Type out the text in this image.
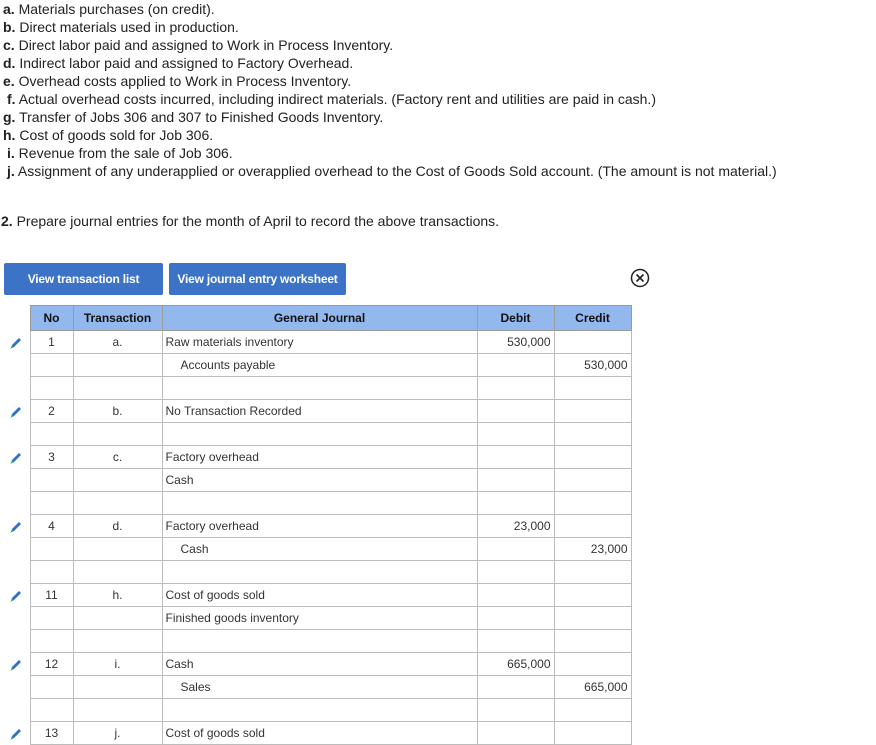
a. Materials purchases (on credit).
b. Direct materials used in production.
c. Direct labor paid and assigned to Work in Process Inventory.
d. Indirect labor paid and assigned to Factory Overhead.
e. Overhead costs applied to Work in Process Inventory.
f. Actual overhead costs incurred, including indirect materials. (Factory rent and utilities are paid in cash.)
g. Transfer of Jobs 306 and 307 to Finished Goods Inventory.
h. Cost of goods sold for Job 306.
i. Revenue from the sale of Job 306.
j. Assignment of any underapplied or overapplied overhead to the Cost of Goods Sold account. (The amount is not material.)
2. Prepare journal entries for the month of April to record the above transactions.
View transaction list	View journal entry worksheet
	No	Transaction	General Journal	Debit	Credit

	1	a.	Raw materials inventory	530,000	
			Accounts payable		530,000

	2	b.	No Transaction Recorded		

	3	c.	Factory overhead		
			Cash		

	4	d.	Factory overhead	23,000	
			Cash		23,000

	11	h.	Cost of goods sold		
			Finished goods inventory		

	12	i.	Cash	665,000	
			Sales		665,000

	13	j.	Cost of goods sold		
